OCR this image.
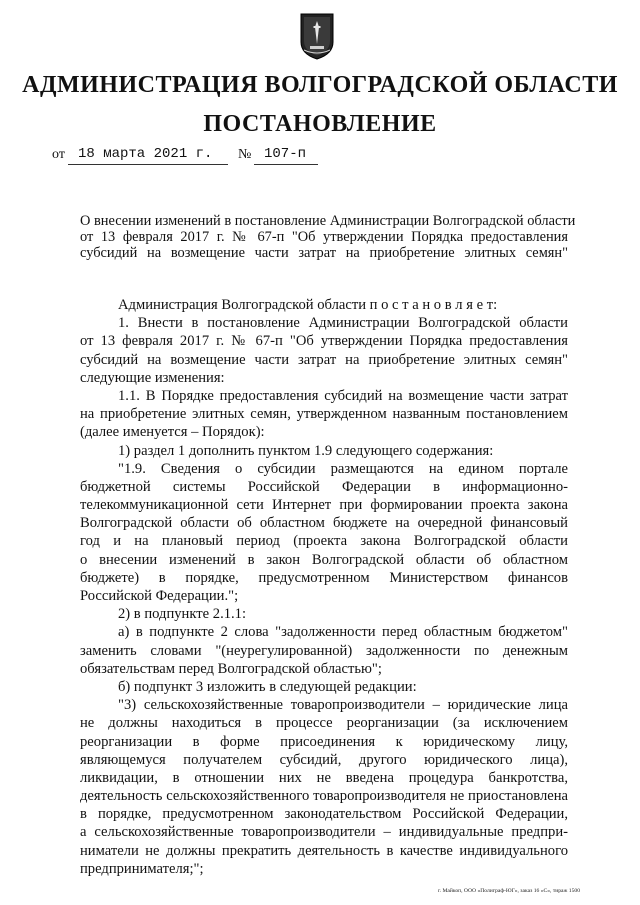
АДМИНИСТРАЦИЯ ВОЛГОГРАДСКОЙ ОБЛАСТИ
ПОСТАНОВЛЕНИЕ
от 18 марта 2021 г. № 107-п
О внесении изменений в постановление Администрации Волгоградской области
от 13 февраля 2017 г. № 67-п "Об утверждении Порядка предоставления
субсидий на возмещение части затрат на приобретение элитных семян"
Администрация Волгоградской области п о с т а н о в л я е т:
1. Внести в постановление Администрации Волгоградской области
от 13 февраля 2017 г. № 67-п "Об утверждении Порядка предоставления
субсидий на возмещение части затрат на приобретение элитных семян"
следующие изменения:
1.1. В Порядке предоставления субсидий на возмещение части затрат
на приобретение элитных семян, утвержденном названным постановлением
(далее именуется – Порядок):
1) раздел 1 дополнить пунктом 1.9 следующего содержания:
"1.9. Сведения о субсидии размещаются на едином портале
бюджетной системы Российской Федерации в информационно-
телекоммуникационной сети Интернет при формировании проекта закона
Волгоградской области об областном бюджете на очередной финансовый
год и на плановый период (проекта закона Волгоградской области
о внесении изменений в закон Волгоградской области об областном
бюджете) в порядке, предусмотренном Министерством финансов
Российской Федерации.";
2) в подпункте 2.1.1:
а) в подпункте 2 слова "задолженности перед областным бюджетом"
заменить словами "(неурегулированной) задолженности по денежным
обязательствам перед Волгоградской областью";
б) подпункт 3 изложить в следующей редакции:
"3) сельскохозяйственные товаропроизводители – юридические лица
не должны находиться в процессе реорганизации (за исключением
реорганизации в форме присоединения к юридическому лицу,
являющемуся получателем субсидий, другого юридического лица),
ликвидации, в отношении них не введена процедура банкротства,
деятельность сельскохозяйственного товаропроизводителя не приостановлена
в порядке, предусмотренном законодательством Российской Федерации,
а сельскохозяйственные товаропроизводители – индивидуальные предпри-
ниматели не должны прекратить деятельность в качестве индивидуального
предпринимателя;";
г. Майкоп, ООО «Полиграф-ЮГ», заказ 16 «С», тираж 1500
